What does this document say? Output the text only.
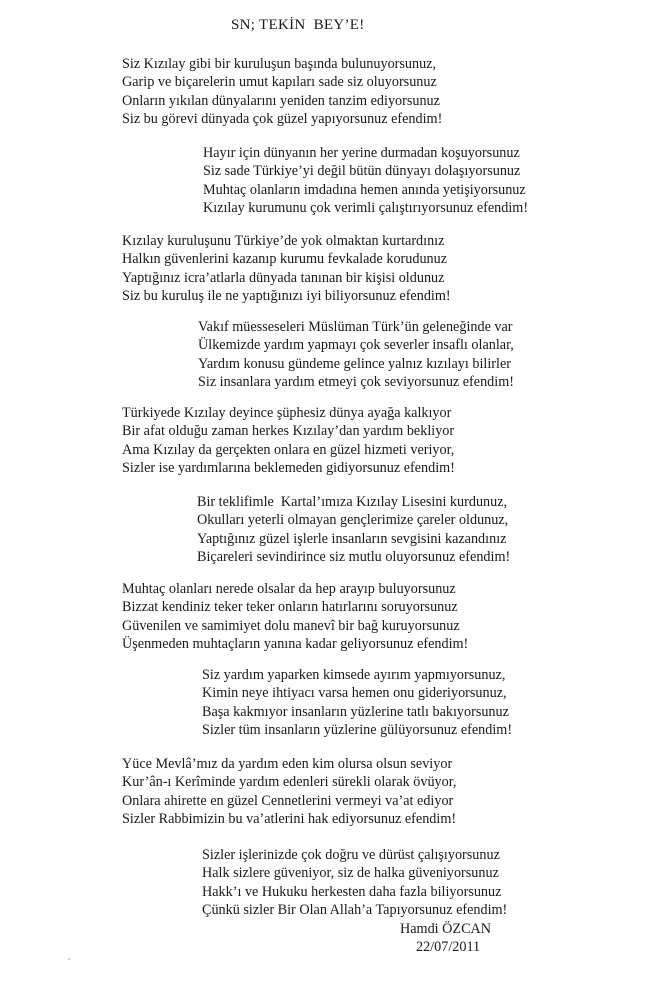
SN; TEKİN  BEY’E!
Siz Kızılay gibi bir kuruluşun başında bulunuyorsunuz,
Garip ve biçarelerin umut kapıları sade siz oluyorsunuz
Onların yıkılan dünyalarını yeniden tanzim ediyorsunuz
Siz bu görevi dünyada çok güzel yapıyorsunuz efendim!
Hayır için dünyanın her yerine durmadan koşuyorsunuz
Siz sade Türkiye’yi değil bütün dünyayı dolaşıyorsunuz
Muhtaç olanların imdadına hemen anında yetişiyorsunuz
Kızılay kurumunu çok verimli çalıştırıyorsunuz efendim!
Kızılay kuruluşunu Türkiye’de yok olmaktan kurtardınız
Halkın güvenlerini kazanıp kurumu fevkalade korudunuz
Yaptığınız icra’atlarla dünyada tanınan bir kişisi oldunuz
Siz bu kuruluş ile ne yaptığınızı iyi biliyorsunuz efendim!
Vakıf müesseseleri Müslüman Türk’ün geleneğinde var
Ülkemizde yardım yapmayı çok severler insaflı olanlar,
Yardım konusu gündeme gelince yalnız kızılayı bilirler
Siz insanlara yardım etmeyi çok seviyorsunuz efendim!
Türkiyede Kızılay deyince şüphesiz dünya ayağa kalkıyor
Bir afat olduğu zaman herkes Kızılay’dan yardım bekliyor
Ama Kızılay da gerçekten onlara en güzel hizmeti veriyor,
Sizler ise yardımlarına beklemeden gidiyorsunuz efendim!
Bir teklifimle  Kartal’ımıza Kızılay Lisesini kurdunuz,
Okulları yeterli olmayan gençlerimize çareler oldunuz,
Yaptığınız güzel işlerle insanların sevgisini kazandınız
Biçareleri sevindirince siz mutlu oluyorsunuz efendim!
Muhtaç olanları nerede olsalar da hep arayıp buluyorsunuz
Bizzat kendiniz teker teker onların hatırlarını soruyorsunuz
Güvenilen ve samimiyet dolu manevî bir bağ kuruyorsunuz
Üşenmeden muhtaçların yanına kadar geliyorsunuz efendim!
Siz yardım yaparken kimsede ayırım yapmıyorsunuz,
Kimin neye ihtiyacı varsa hemen onu gideriyorsunuz,
Başa kakmıyor insanların yüzlerine tatlı bakıyorsunuz
Sizler tüm insanların yüzlerine gülüyorsunuz efendim!
Yüce Mevlâ’mız da yardım eden kim olursa olsun seviyor
Kur’ân-ı Kerîminde yardım edenleri sürekli olarak övüyor,
Onlara ahirette en güzel Cennetlerini vermeyi va’at ediyor
Sizler Rabbimizin bu va’atlerini hak ediyorsunuz efendim!
Sizler işlerinizde çok doğru ve dürüst çalışıyorsunuz
Halk sizlere güveniyor, siz de halka güveniyorsunuz
Hakk’ı ve Hukuku herkesten daha fazla biliyorsunuz
Çünkü sizler Bir Olan Allah’a Tapıyorsunuz efendim!
Hamdi ÖZCAN
22/07/2011
